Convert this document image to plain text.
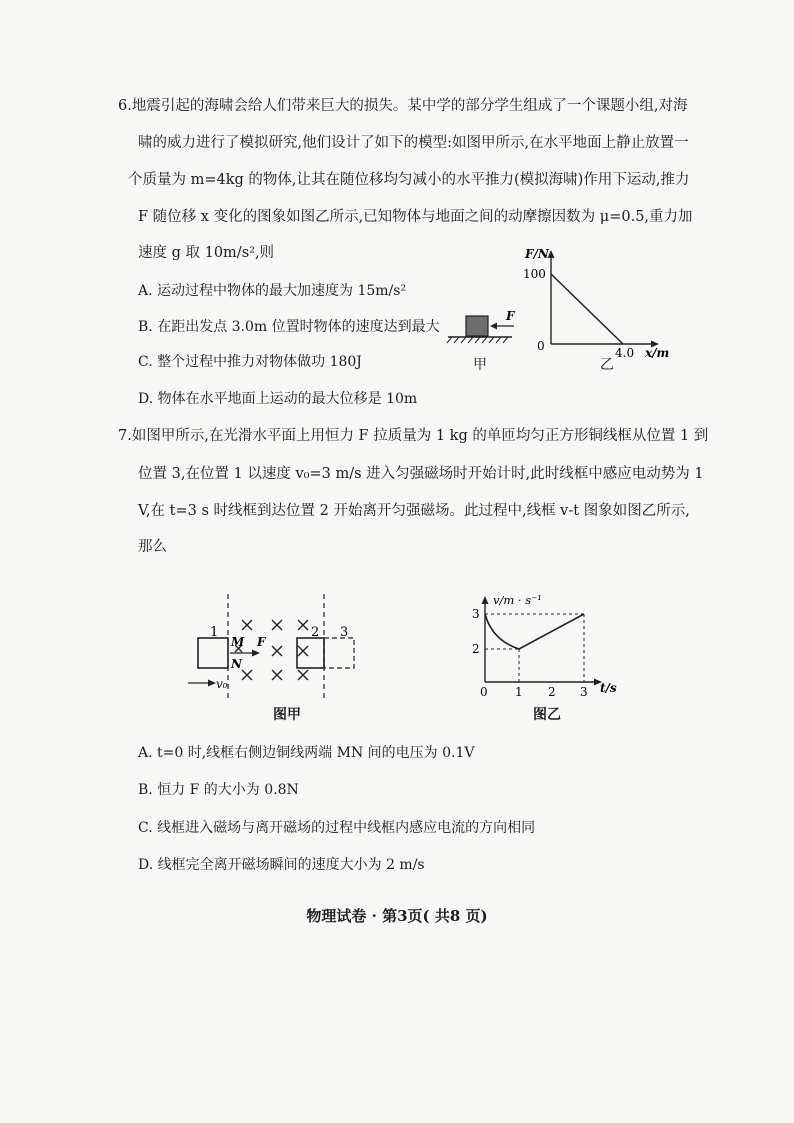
6.地震引起的海啸会给人们带来巨大的损失。某中学的部分学生组成了一个课题小组,对海
啸的威力进行了模拟研究,他们设计了如下的模型:如图甲所示,在水平地面上静止放置一
个质量为 m=4kg 的物体,让其在随位移均匀减小的水平推力(模拟海啸)作用下运动,推力
F 随位移 x 变化的图象如图乙所示,已知物体与地面之间的动摩擦因数为 μ=0.5,重力加
速度 g 取 10m/s²,则
A. 运动过程中物体的最大加速度为 15m/s²
B. 在距出发点 3.0m 位置时物体的速度达到最大
C. 整个过程中推力对物体做功 180J
D. 物体在水平地面上运动的最大位移是 10m
F
甲
F/N
100
0	4.0 x/m
乙
7.如图甲所示,在光滑水平面上用恒力 F 拉质量为 1 kg 的单匝均匀正方形铜线框从位置 1 到
位置 3,在位置 1 以速度 v₀=3 m/s 进入匀强磁场时开始计时,此时线框中感应电动势为 1
V,在 t=3 s 时线框到达位置 2 开始离开匀强磁场。此过程中,线框 v-t 图象如图乙所示,
那么
1	2 3
M
N
F
v₀
图甲
v/m · s⁻¹
3
2
0 1 2 3 t/s
图乙
A. t=0 时,线框右侧边铜线两端 MN 间的电压为 0.1V
B. 恒力 F 的大小为 0.8N
C. 线框进入磁场与离开磁场的过程中线框内感应电流的方向相同
D. 线框完全离开磁场瞬间的速度大小为 2 m/s
物理试卷 · 第3页( 共8 页)
